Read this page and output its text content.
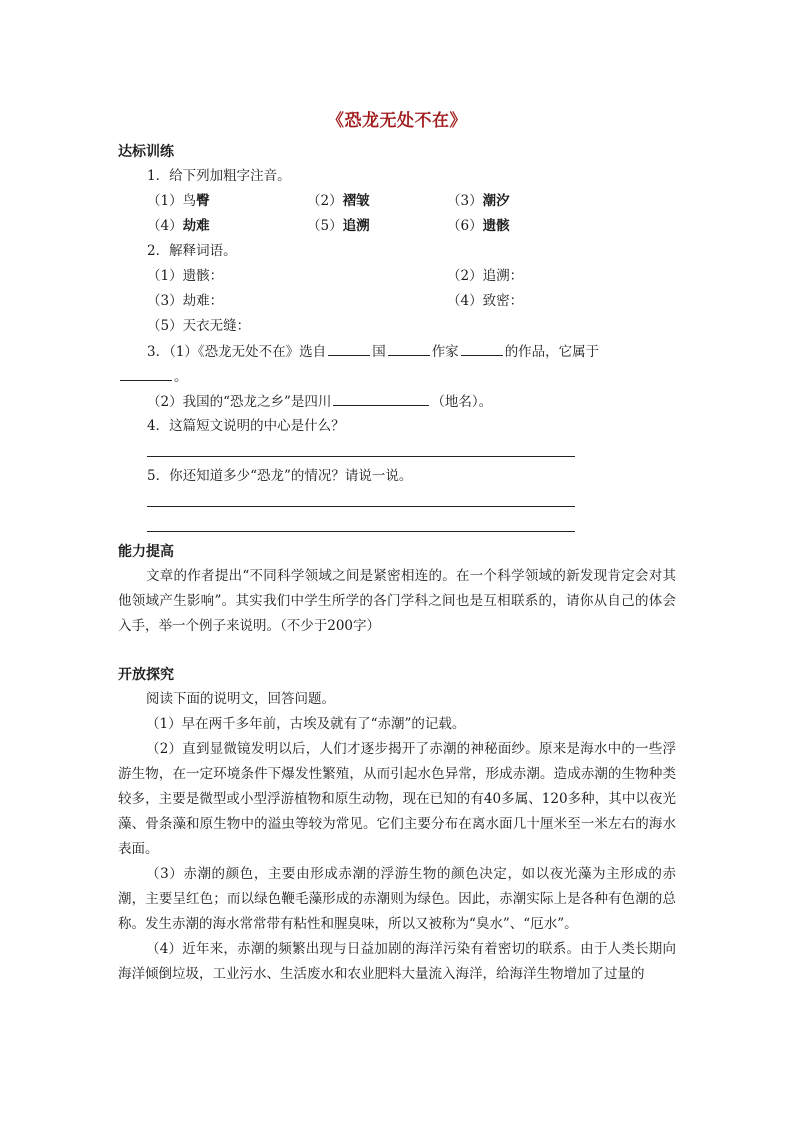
《恐龙无处不在》
达标训练
1．给下列加粗字注音。
（1）鸟臀	（2）褶皱	（3）潮汐
（4）劫难	（5）追溯	（6）遗骸
2．解释词语。
（1）遗骸：	（2）追溯：
（3）劫难：	（4）致密：
（5）天衣无缝：
3．（1）《恐龙无处不在》选自	国	作家	的作品，它属于
。
（2）我国的“恐龙之乡”是四川	（地名）。
4．这篇短文说明的中心是什么？
5．你还知道多少“恐龙”的情况？请说一说。
能力提高

文章的作者提出“不同科学领域之间是紧密相连的。在一个科学领域的新发现肯定会对其他领域产生影响”。其实我们中学生所学的各门学科之间也是互相联系的，请你从自己的体会入手，举一个例子来说明。（不少于200字）

开放探究

阅读下面的说明文，回答问题。

（1）早在两千多年前，古埃及就有了“赤潮”的记载。

（2）直到显微镜发明以后，人们才逐步揭开了赤潮的神秘面纱。原来是海水中的一些浮游生物，在一定环境条件下爆发性繁殖，从而引起水色异常，形成赤潮。造成赤潮的生物种类较多，主要是微型或小型浮游植物和原生动物，现在已知的有40多属、120多种，其中以夜光藻、骨条藻和原生物中的溢虫等较为常见。它们主要分布在离水面几十厘米至一米左右的海水表面。

（3）赤潮的颜色，主要由形成赤潮的浮游生物的颜色决定，如以夜光藻为主形成的赤潮，主要呈红色；而以绿色鞭毛藻形成的赤潮则为绿色。因此，赤潮实际上是各种有色潮的总称。发生赤潮的海水常常带有粘性和腥臭味，所以又被称为“臭水”、“厄水”。

（4）近年来，赤潮的频繁出现与日益加剧的海洋污染有着密切的联系。由于人类长期向海洋倾倒垃圾，工业污水、生活废水和农业肥料大量流入海洋，给海洋生物增加了过量的
